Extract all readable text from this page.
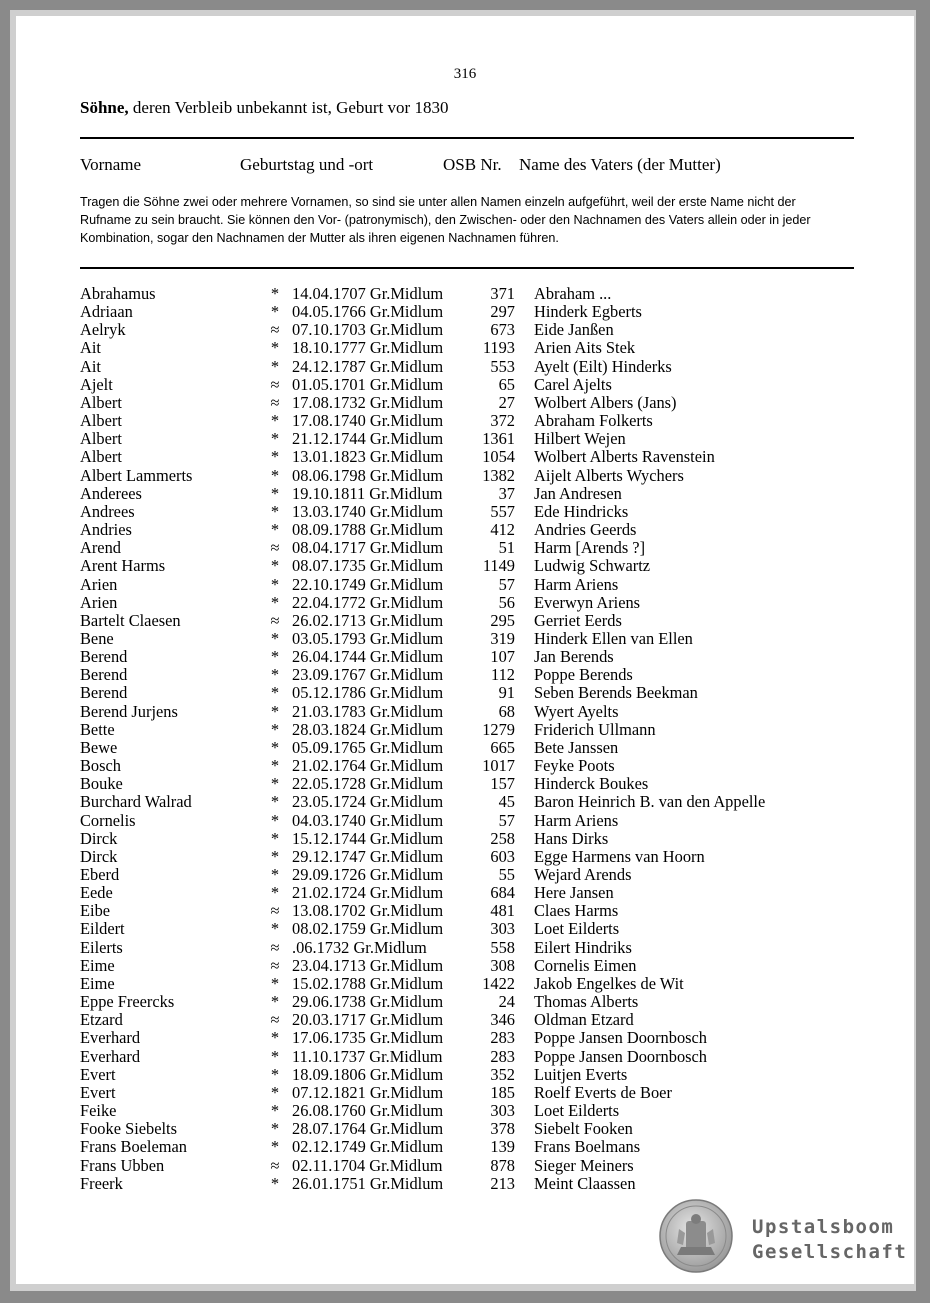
316
Söhne, deren Verbleib unbekannt ist, Geburt vor 1830
Vorname	Geburtstag und -ort	OSB Nr. Name des Vaters (der Mutter)
Tragen die Söhne zwei oder mehrere Vornamen, so sind sie unter allen Namen einzeln aufgeführt, weil der erste Name nicht der Rufname zu sein braucht. Sie können den Vor- (patronymisch), den Zwischen- oder den Nachnamen des Vaters allein oder in jeder Kombination, sogar den Nachnamen der Mutter als ihren eigenen Nachnamen führen.
Abrahamus	* 14.04.1707 Gr.Midlum	371 Abraham ...
Adriaan	* 04.05.1766 Gr.Midlum	297 Hinderk Egberts
Aelryk	≈ 07.10.1703 Gr.Midlum	673 Eide Janßen
Ait	* 18.10.1777 Gr.Midlum	1193 Arien Aits Stek
Ait	* 24.12.1787 Gr.Midlum	553 Ayelt (Eilt) Hinderks
Ajelt	≈ 01.05.1701 Gr.Midlum	65 Carel Ajelts
Albert	≈ 17.08.1732 Gr.Midlum	27 Wolbert Albers (Jans)
Albert	* 17.08.1740 Gr.Midlum	372 Abraham Folkerts
Albert	* 21.12.1744 Gr.Midlum	1361 Hilbert Wejen
Albert	* 13.01.1823 Gr.Midlum	1054 Wolbert Alberts Ravenstein
Albert Lammerts	* 08.06.1798 Gr.Midlum	1382 Aijelt Alberts Wychers
Anderees	* 19.10.1811 Gr.Midlum	37 Jan Andresen
Andrees	* 13.03.1740 Gr.Midlum	557 Ede Hindricks
Andries	* 08.09.1788 Gr.Midlum	412 Andries Geerds
Arend	≈ 08.04.1717 Gr.Midlum	51 Harm [Arends ?]
Arent Harms	* 08.07.1735 Gr.Midlum	1149 Ludwig Schwartz
Arien	* 22.10.1749 Gr.Midlum	57 Harm Ariens
Arien	* 22.04.1772 Gr.Midlum	56 Everwyn Ariens
Bartelt Claesen	≈ 26.02.1713 Gr.Midlum	295 Gerriet Eerds
Bene	* 03.05.1793 Gr.Midlum	319 Hinderk Ellen van Ellen
Berend	* 26.04.1744 Gr.Midlum	107 Jan Berends
Berend	* 23.09.1767 Gr.Midlum	112 Poppe Berends
Berend	* 05.12.1786 Gr.Midlum	91 Seben Berends Beekman
Berend Jurjens	* 21.03.1783 Gr.Midlum	68 Wyert Ayelts
Bette	* 28.03.1824 Gr.Midlum	1279 Friderich Ullmann
Bewe	* 05.09.1765 Gr.Midlum	665 Bete Janssen
Bosch	* 21.02.1764 Gr.Midlum	1017 Feyke Poots
Bouke	* 22.05.1728 Gr.Midlum	157 Hinderck Boukes
Burchard Walrad	* 23.05.1724 Gr.Midlum	45 Baron Heinrich B. van den Appelle
Cornelis	* 04.03.1740 Gr.Midlum	57 Harm Ariens
Dirck	* 15.12.1744 Gr.Midlum	258 Hans Dirks
Dirck	* 29.12.1747 Gr.Midlum	603 Egge Harmens van Hoorn
Eberd	* 29.09.1726 Gr.Midlum	55 Wejard Arends
Eede	* 21.02.1724 Gr.Midlum	684 Here Jansen
Eibe	≈ 13.08.1702 Gr.Midlum	481 Claes Harms
Eildert	* 08.02.1759 Gr.Midlum	303 Loet Eilderts
Eilerts	≈ .06.1732 Gr.Midlum	558 Eilert Hindriks
Eime	≈ 23.04.1713 Gr.Midlum	308 Cornelis Eimen
Eime	* 15.02.1788 Gr.Midlum	1422 Jakob Engelkes de Wit
Eppe Freercks	* 29.06.1738 Gr.Midlum	24 Thomas Alberts
Etzard	≈ 20.03.1717 Gr.Midlum	346 Oldman Etzard
Everhard	* 17.06.1735 Gr.Midlum	283 Poppe Jansen Doornbosch
Everhard	* 11.10.1737 Gr.Midlum	283 Poppe Jansen Doornbosch
Evert	* 18.09.1806 Gr.Midlum	352 Luitjen Everts
Evert	* 07.12.1821 Gr.Midlum	185 Roelf Everts de Boer
Feike	* 26.08.1760 Gr.Midlum	303 Loet Eilderts
Fooke Siebelts	* 28.07.1764 Gr.Midlum	378 Siebelt Fooken
Frans Boeleman	* 02.12.1749 Gr.Midlum	139 Frans Boelmans
Frans Ubben	≈ 02.11.1704 Gr.Midlum	878 Sieger Meiners
Freerk	* 26.01.1751 Gr.Midlum	213 Meint Claassen
Upstalsboom
Gesellschaft
